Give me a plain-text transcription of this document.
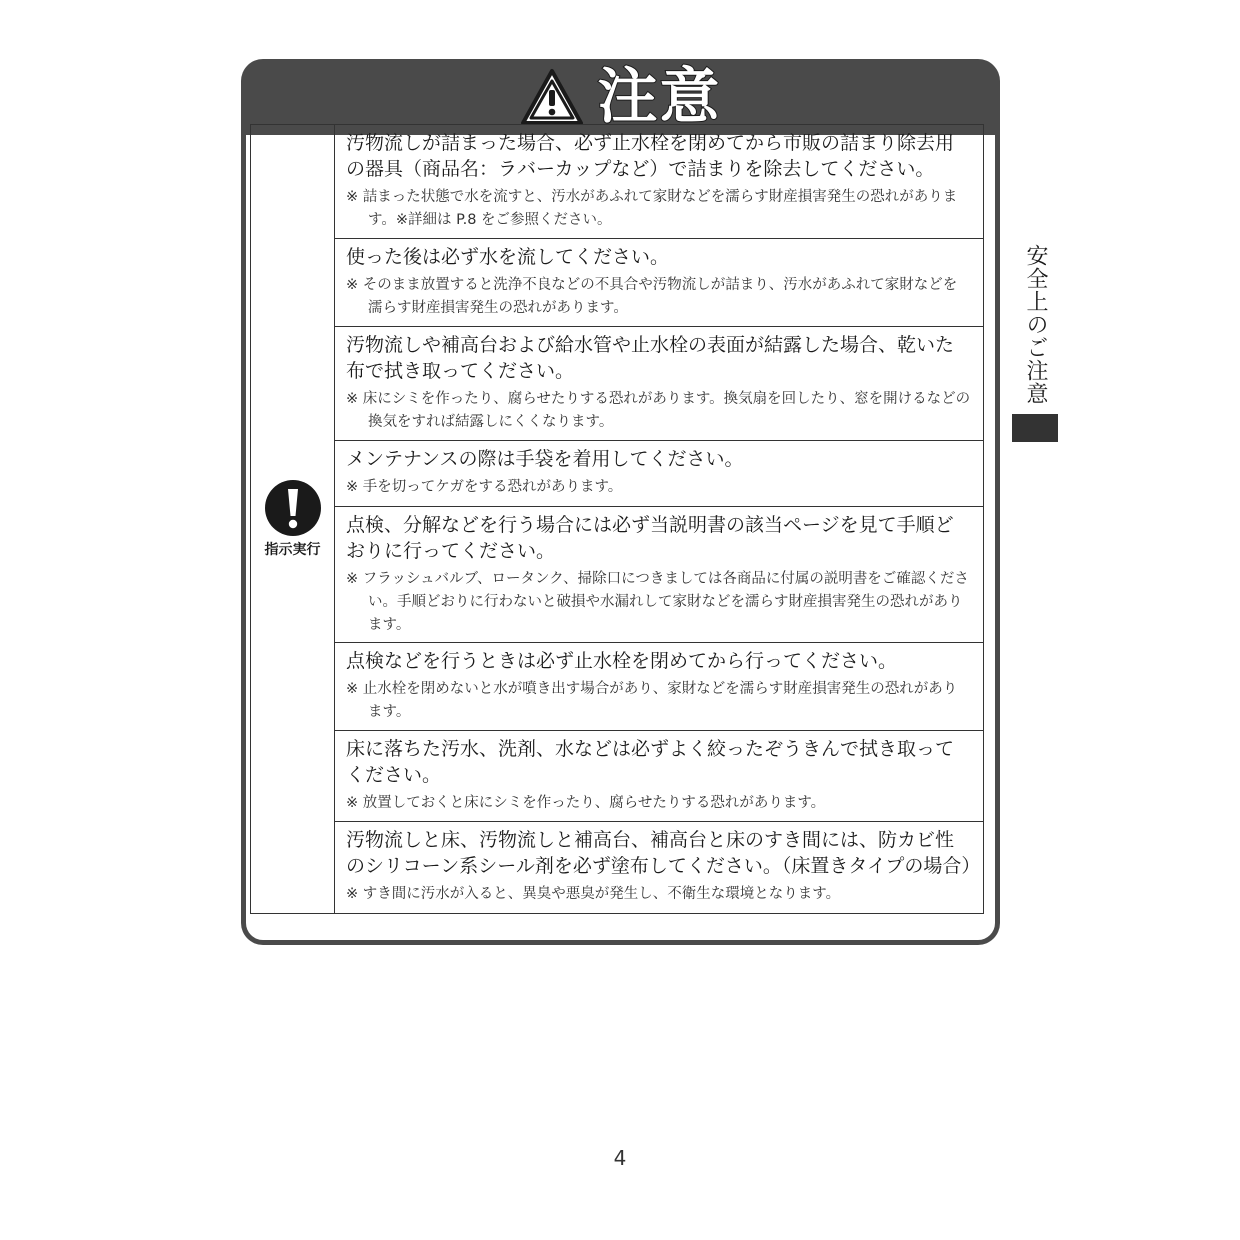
注意
指示実行
汚物流しが詰まった場合、必ず止水栓を閉めてから市販の詰まり除去用の器具（商品名：ラバーカップなど）で詰まりを除去してください。
※ 詰まった状態で水を流すと、汚水があふれて家財などを濡らす財産損害発生の恐れがあります。※詳細は P.8 をご参照ください。
使った後は必ず水を流してください。
※ そのまま放置すると洗浄不良などの不具合や汚物流しが詰まり、汚水があふれて家財などを濡らす財産損害発生の恐れがあります。
汚物流しや補高台および給水管や止水栓の表面が結露した場合、乾いた布で拭き取ってください。
※ 床にシミを作ったり、腐らせたりする恐れがあります。換気扇を回したり、窓を開けるなどの換気をすれば結露しにくくなります。
メンテナンスの際は手袋を着用してください。
※ 手を切ってケガをする恐れがあります。
点検、分解などを行う場合には必ず当説明書の該当ページを見て手順どおりに行ってください。
※ フラッシュバルブ、ロータンク、掃除口につきましては各商品に付属の説明書をご確認ください。手順どおりに行わないと破損や水漏れして家財などを濡らす財産損害発生の恐れがあります。
点検などを行うときは必ず止水栓を閉めてから行ってください。
※ 止水栓を閉めないと水が噴き出す場合があり、家財などを濡らす財産損害発生の恐れがあります。
床に落ちた汚水、洗剤、水などは必ずよく絞ったぞうきんで拭き取ってください。
※ 放置しておくと床にシミを作ったり、腐らせたりする恐れがあります。
汚物流しと床、汚物流しと補高台、補高台と床のすき間には、防カビ性のシリコーン系シール剤を必ず塗布してください。（床置きタイプの場合）
※ すき間に汚水が入ると、異臭や悪臭が発生し、不衛生な環境となります。
安全上のご注意
4
